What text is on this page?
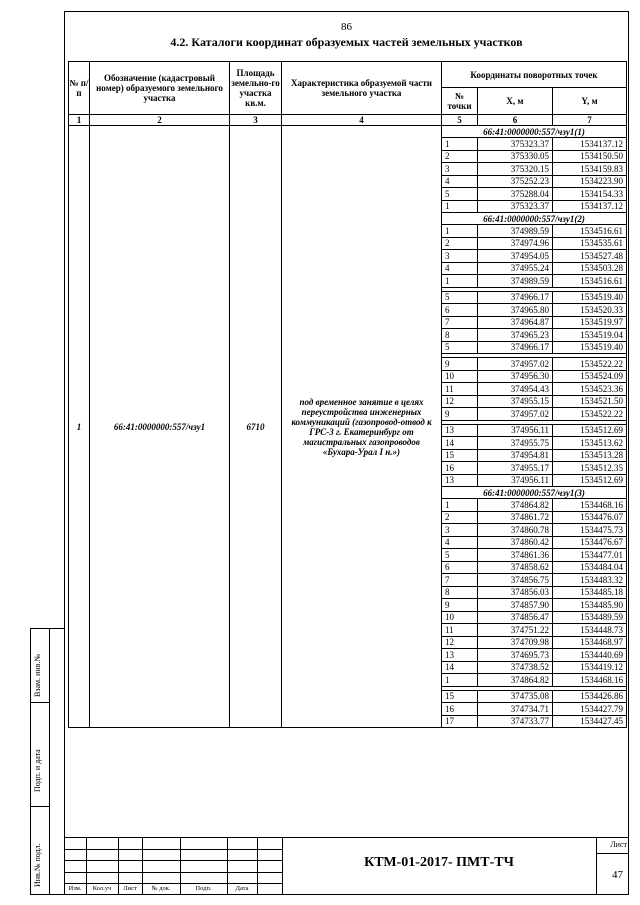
86
4.2. Каталоги координат образуемых частей земельных участков
№ п/п	Обозначение (кадастровый номер) образуемого земельного участка	Площадь земельно-го участка кв.м.	Характеристика образуемой части земельного участка	Координаты поворотных точек		
				№ точки	X, м	Y, м
1	2	3	4	5	6	7
1	66:41:0000000:557/чзу1	6710	под временное занятие в целях переустройства инженерных коммуникаций (газопровод-отвод к ГРС-3 г. Екатеринбург от магистральных газопроводов «Бухара-Урал I н.»)	66:41:0000000:557/чзу1(1)		
				1	375323.37	1534137.12
				2	375330.05	1534150.50
				3	375320.15	1534159.83
				4	375252.23	1534223.90
				5	375288.04	1534154.33
				1	375323.37	1534137.12
				66:41:0000000:557/чзу1(2)		
				1	374989.59	1534516.61
				2	374974.96	1534535.61
				3	374954.05	1534527.48
				4	374955.24	1534503.28
				1	374989.59	1534516.61

				5	374966.17	1534519.40
				6	374965.80	1534520.33
				7	374964.87	1534519.97
				8	374965.23	1534519.04
				5	374966.17	1534519.40

				9	374957.02	1534522.22
				10	374956.30	1534524.09
				11	374954.43	1534523.36
				12	374955.15	1534521.50
				9	374957.02	1534522.22

				13	374956.11	1534512.69
				14	374955.75	1534513.62
				15	374954.81	1534513.28
				16	374955.17	1534512.35
				13	374956.11	1534512.69
				66:41:0000000:557/чзу1(3)		
				1	374864.82	1534468.16
				2	374861.72	1534476.07
				3	374860.78	1534475.73
				4	374860.42	1534476.67
				5	374861.36	1534477.01
				6	374858.62	1534484.04
				7	374856.75	1534483.32
				8	374856.03	1534485.18
				9	374857.90	1534485.90
				10	374856.47	1534489.59
				11	374751.22	1534448.73
				12	374709.98	1534468.97
				13	374695.73	1534440.69
				14	374738.52	1534419.12
				1	374864.82	1534468.16

				15	374735.08	1534426.86
				16	374734.71	1534427.79
				17	374733.77	1534427.45
Взам. инв.№
Подп. и дата
Инв.№ подл.
Изм.	Кол.уч	Лист	№ док.	Подп.	Дата
КТМ-01-2017- ПМТ-ТЧ
Лист
47
